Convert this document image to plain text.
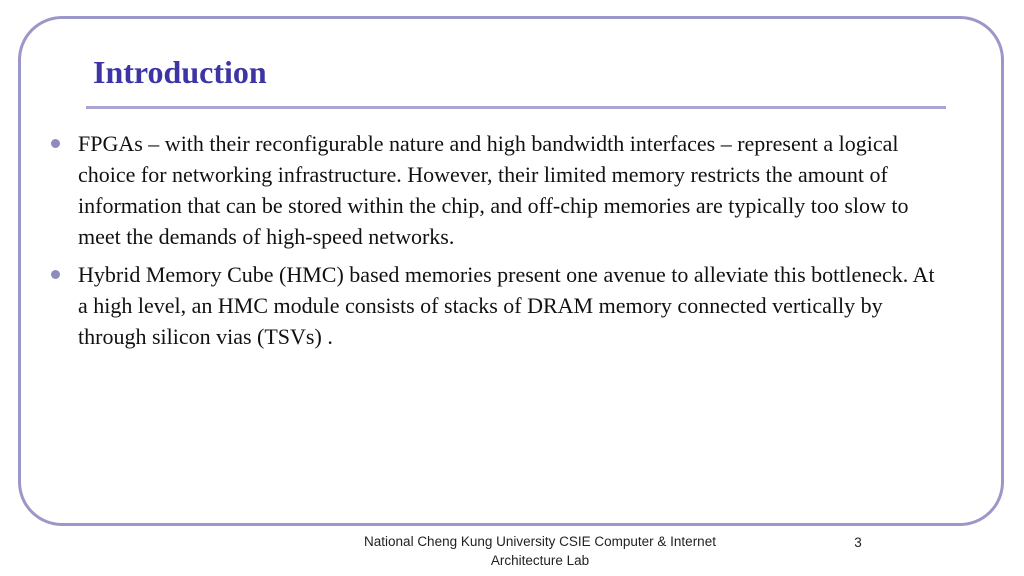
Introduction
FPGAs – with their reconfigurable nature and high bandwidth interfaces – represent a logical choice for networking infrastructure. However, their limited memory restricts the amount of information that can be stored within the chip, and off-chip memories are typically too slow to meet the demands of high-speed networks.
Hybrid Memory Cube (HMC) based memories present one avenue to alleviate this bottleneck. At a high level, an HMC module consists of stacks of DRAM memory connected vertically by through silicon vias (TSVs) .

National Cheng Kung University CSIE Computer & Internet
Architecture Lab

3
